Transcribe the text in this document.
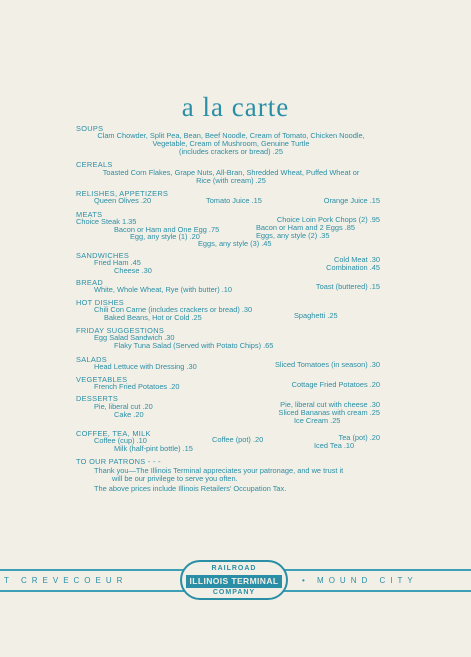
a la carte
SOUPS
Clam Chowder, Split Pea, Bean, Beef Noodle, Cream of Tomato, Chicken Noodle,
Vegetable, Cream of Mushroom, Genuine Turtle
(includes crackers or bread) .25
CEREALS
Toasted Corn Flakes, Grape Nuts, All-Bran, Shredded Wheat, Puffed Wheat or
Rice (with cream) .25
RELISHES, APPETIZERS
Queen Olives .20	Tomato Juice .15	Orange Juice .15
MEATS
Choice Steak 1.35	Choice Loin Pork Chops (2) .95
Bacon or Ham and One Egg .75	Bacon or Ham and 2 Eggs .85
Egg, any style (1) .20	Eggs, any style (2) .35
Eggs, any style (3) .45
SANDWICHES
Fried Ham .45	Cold Meat .30
Cheese .30	Combination .45
BREAD
White, Whole Wheat, Rye (with butter) .10	Toast (buttered) .15
HOT DISHES
Chili Con Carne (includes crackers or bread) .30
Baked Beans, Hot or Cold .25	Spaghetti .25
FRIDAY SUGGESTIONS
Egg Salad Sandwich .30
Flaky Tuna Salad (Served with Potato Chips) .65
SALADS
Head Lettuce with Dressing .30	Sliced Tomatoes (in season) .30
VEGETABLES
French Fried Potatoes .20	Cottage Fried Potatoes .20
DESSERTS
Pie, liberal cut .20	Pie, liberal cut with cheese .30
Cake .20	Sliced Bananas with cream .25
Ice Cream .25
COFFEE, TEA, MILK
Coffee (cup) .10	Coffee (pot) .20	Tea (pot) .20
Milk (half-pint bottle) .15	Iced Tea .10
TO OUR PATRONS - - -
Thank you—The Illinois Terminal appreciates your patronage, and we trust it
will be our privilege to serve you often.
The above prices include Illinois Retailers' Occupation Tax.
T CREVECOEUR	• MOUND CITY
RAILROAD
ILLINOIS TERMINAL
COMPANY
